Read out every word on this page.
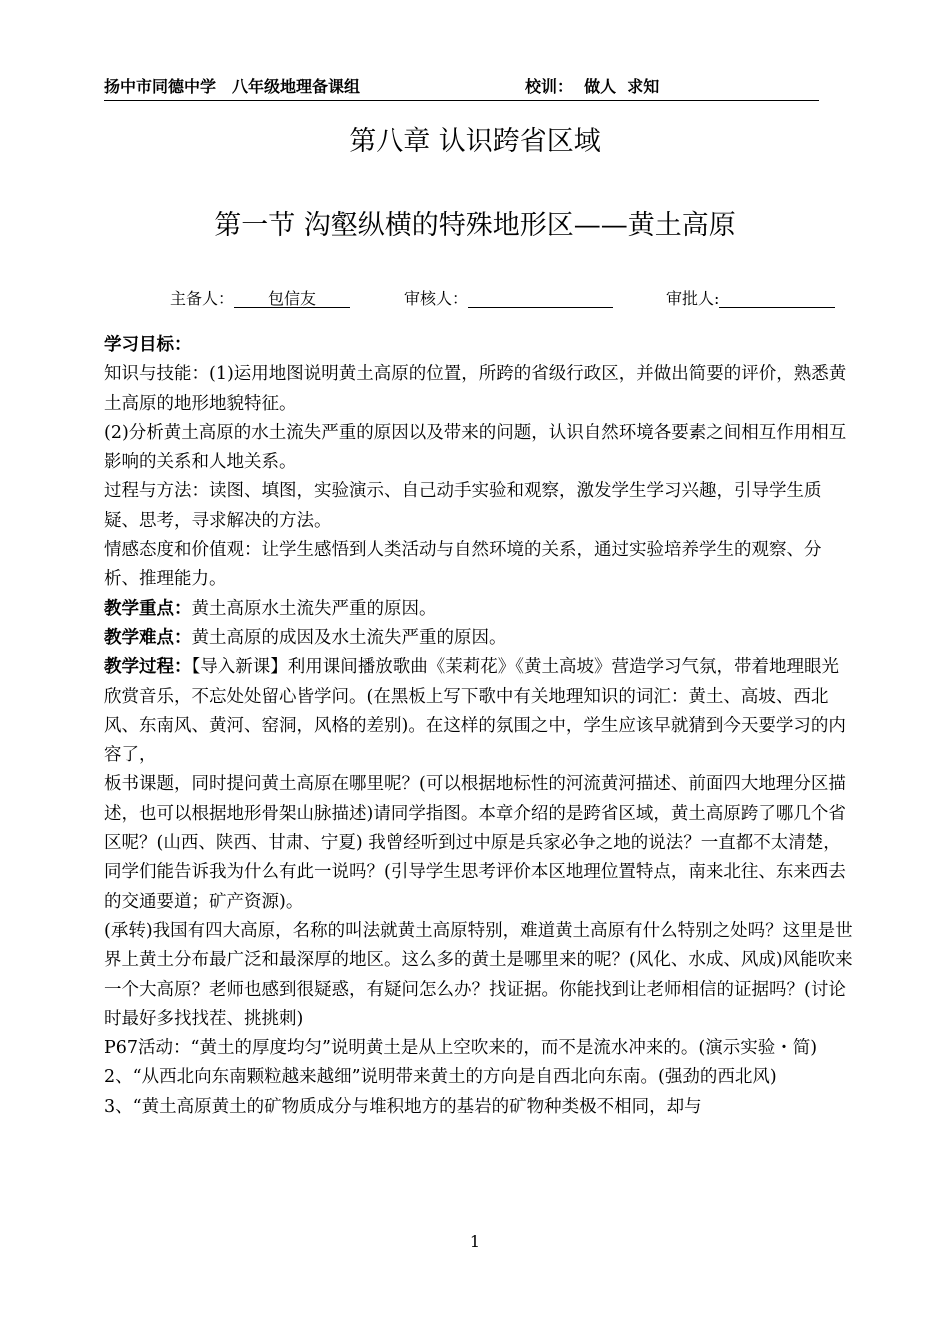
扬中市同德中学　八年级地理备课组	校训：  做人  求知
第八章 认识跨省区域
第一节 沟壑纵横的特殊地形区——黄土高原
主备人： 包信友	审核人：	审批人:

学习目标：

知识与技能：(1)运用地图说明黄土高原的位置，所跨的省级行政区，并做出简要的评价，熟悉黄土高原的地形地貌特征。

(2)分析黄土高原的水土流失严重的原因以及带来的问题，认识自然环境各要素之间相互作用相互影响的关系和人地关系。

过程与方法：读图、填图，实验演示、自己动手实验和观察，激发学生学习兴趣，引导学生质疑、思考，寻求解决的方法。

情感态度和价值观：让学生感悟到人类活动与自然环境的关系，通过实验培养学生的观察、分析、推理能力。

教学重点：黄土高原水土流失严重的原因。

教学难点：黄土高原的成因及水土流失严重的原因。

教学过程：【导入新课】利用课间播放歌曲《茉莉花》《黄土高坡》营造学习气氛，带着地理眼光欣赏音乐，不忘处处留心皆学问。(在黑板上写下歌中有关地理知识的词汇：黄土、高坡、西北风、东南风、黄河、窑洞，风格的差别)。在这样的氛围之中，学生应该早就猜到今天要学习的内容了，

板书课题，同时提问黄土高原在哪里呢？(可以根据地标性的河流黄河描述、前面四大地理分区描述，也可以根据地形骨架山脉描述)请同学指图。本章介绍的是跨省区域，黄土高原跨了哪几个省区呢？(山西、陕西、甘肃、宁夏) 我曾经听到过中原是兵家必争之地的说法？一直都不太清楚，同学们能告诉我为什么有此一说吗？(引导学生思考评价本区地理位置特点，南来北往、东来西去的交通要道；矿产资源)。

(承转)我国有四大高原，名称的叫法就黄土高原特别，难道黄土高原有什么特别之处吗？这里是世界上黄土分布最广泛和最深厚的地区。这么多的黄土是哪里来的呢？(风化、水成、风成)风能吹来一个大高原？老师也感到很疑惑，有疑问怎么办？找证据。你能找到让老师相信的证据吗？(讨论时最好多找找茬、挑挑刺)

P67活动：“黄土的厚度均匀”说明黄土是从上空吹来的，而不是流水冲来的。(演示实验・简)

2、“从西北向东南颗粒越来越细”说明带来黄土的方向是自西北向东南。(强劲的西北风)

3、“黄土高原黄土的矿物质成分与堆积地方的基岩的矿物种类极不相同，却与

1
